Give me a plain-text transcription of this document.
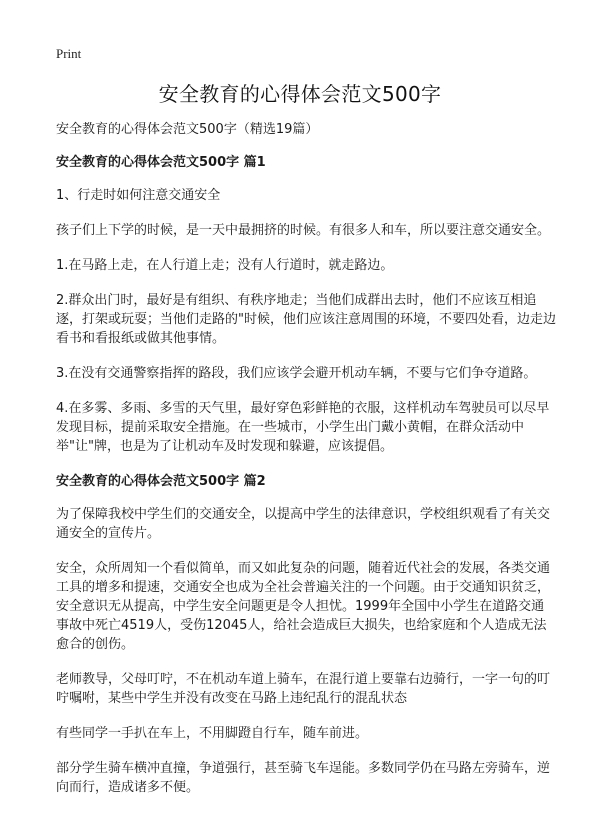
Print
安全教育的心得体会范文500字

安全教育的心得体会范文500字（精选19篇）

安全教育的心得体会范文500字 篇1

1、行走时如何注意交通安全

孩子们上下学的时候，是一天中最拥挤的时候。有很多人和车，所以要注意交通安全。

1.在马路上走，在人行道上走；没有人行道时，就走路边。

2.群众出门时，最好是有组织、有秩序地走；当他们成群出去时，他们不应该互相追逐，打架或玩耍；当他们走路的"时候，他们应该注意周围的环境，不要四处看，边走边看书和看报纸或做其他事情。

3.在没有交通警察指挥的路段，我们应该学会避开机动车辆，不要与它们争夺道路。

4.在多雾、多雨、多雪的天气里，最好穿色彩鲜艳的衣服，这样机动车驾驶员可以尽早发现目标，提前采取安全措施。在一些城市，小学生出门戴小黄帽，在群众活动中举"让"牌，也是为了让机动车及时发现和躲避，应该提倡。

安全教育的心得体会范文500字 篇2

为了保障我校中学生们的交通安全，以提高中学生的法律意识，学校组织观看了有关交通安全的宣传片。

安全，众所周知一个看似简单，而又如此复杂的问题，随着近代社会的发展，各类交通工具的增多和提速，交通安全也成为全社会普遍关注的一个问题。由于交通知识贫乏，安全意识无从提高，中学生安全问题更是令人担忧。1999年全国中小学生在道路交通事故中死亡4519人，受伤12045人，给社会造成巨大损失，也给家庭和个人造成无法愈合的创伤。

老师教导，父母叮咛，不在机动车道上骑车，在混行道上要靠右边骑行，一字一句的叮咛嘱咐，某些中学生并没有改变在马路上违纪乱行的混乱状态

有些同学一手扒在车上，不用脚蹬自行车，随车前进。

部分学生骑车横冲直撞，争道强行，甚至骑飞车逞能。多数同学仍在马路左旁骑车，逆向而行，造成诸多不便。
